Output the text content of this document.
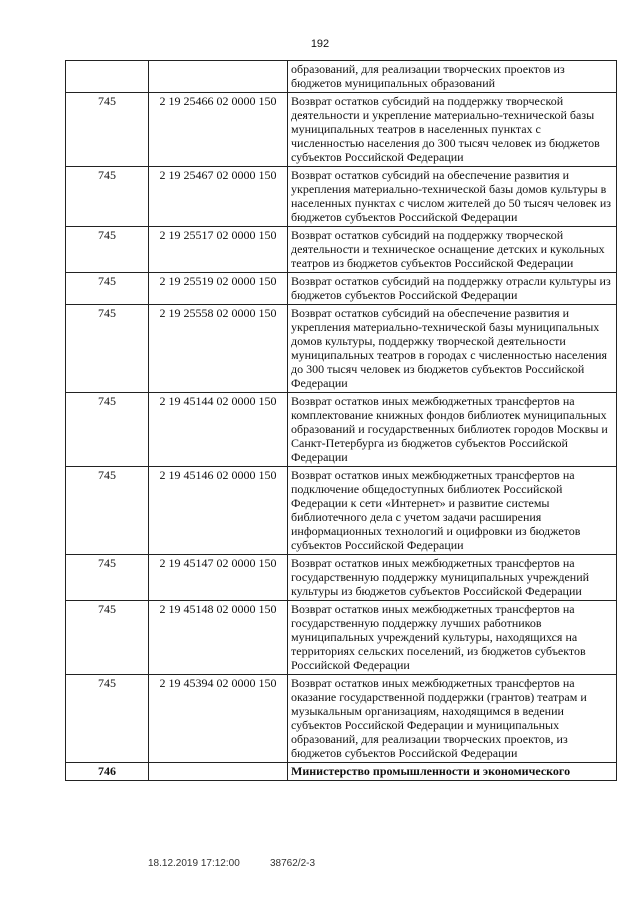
192
		образований, для реализации творческих проектов из бюджетов муниципальных образований
745	2 19 25466 02 0000 150	Возврат остатков субсидий на поддержку творческой деятельности и укрепление материально-технической базы муниципальных театров в населенных пунктах с численностью населения до 300 тысяч человек из бюджетов субъектов Российской Федерации
745	2 19 25467 02 0000 150	Возврат остатков субсидий на обеспечение развития и укрепления материально-технической базы домов культуры в населенных пунктах с числом жителей до 50 тысяч человек из бюджетов субъектов Российской Федерации
745	2 19 25517 02 0000 150	Возврат остатков субсидий на поддержку творческой деятельности и техническое оснащение детских и кукольных театров из бюджетов субъектов Российской Федерации
745	2 19 25519 02 0000 150	Возврат остатков субсидий на поддержку отрасли культуры из бюджетов субъектов Российской Федерации
745	2 19 25558 02 0000 150	Возврат остатков субсидий на обеспечение развития и укрепления материально-технической базы муниципальных домов культуры, поддержку творческой деятельности муниципальных театров в городах с численностью населения до 300 тысяч человек из бюджетов субъектов Российской Федерации
745	2 19 45144 02 0000 150	Возврат остатков иных межбюджетных трансфертов на комплектование книжных фондов библиотек муниципальных образований и государственных библиотек городов Москвы и Санкт-Петербурга из бюджетов субъектов Российской Федерации
745	2 19 45146 02 0000 150	Возврат остатков иных межбюджетных трансфертов на подключение общедоступных библиотек Российской Федерации к сети «Интернет» и развитие системы библиотечного дела с учетом задачи расширения информационных технологий и оцифровки из бюджетов субъектов Российской Федерации
745	2 19 45147 02 0000 150	Возврат остатков иных межбюджетных трансфертов на государственную поддержку муниципальных учреждений культуры из бюджетов субъектов Российской Федерации
745	2 19 45148 02 0000 150	Возврат остатков иных межбюджетных трансфертов на государственную поддержку лучших работников муниципальных учреждений культуры, находящихся на территориях сельских поселений, из бюджетов субъектов Российской Федерации
745	2 19 45394 02 0000 150	Возврат остатков иных межбюджетных трансфертов на оказание государственной поддержки (грантов) театрам и музыкальным организациям, находящимся в ведении субъектов Российской Федерации и муниципальных образований, для реализации творческих проектов, из бюджетов субъектов Российской Федерации
746		Министерство промышленности и экономического
18.12.2019 17:12:00	38762/2-3
